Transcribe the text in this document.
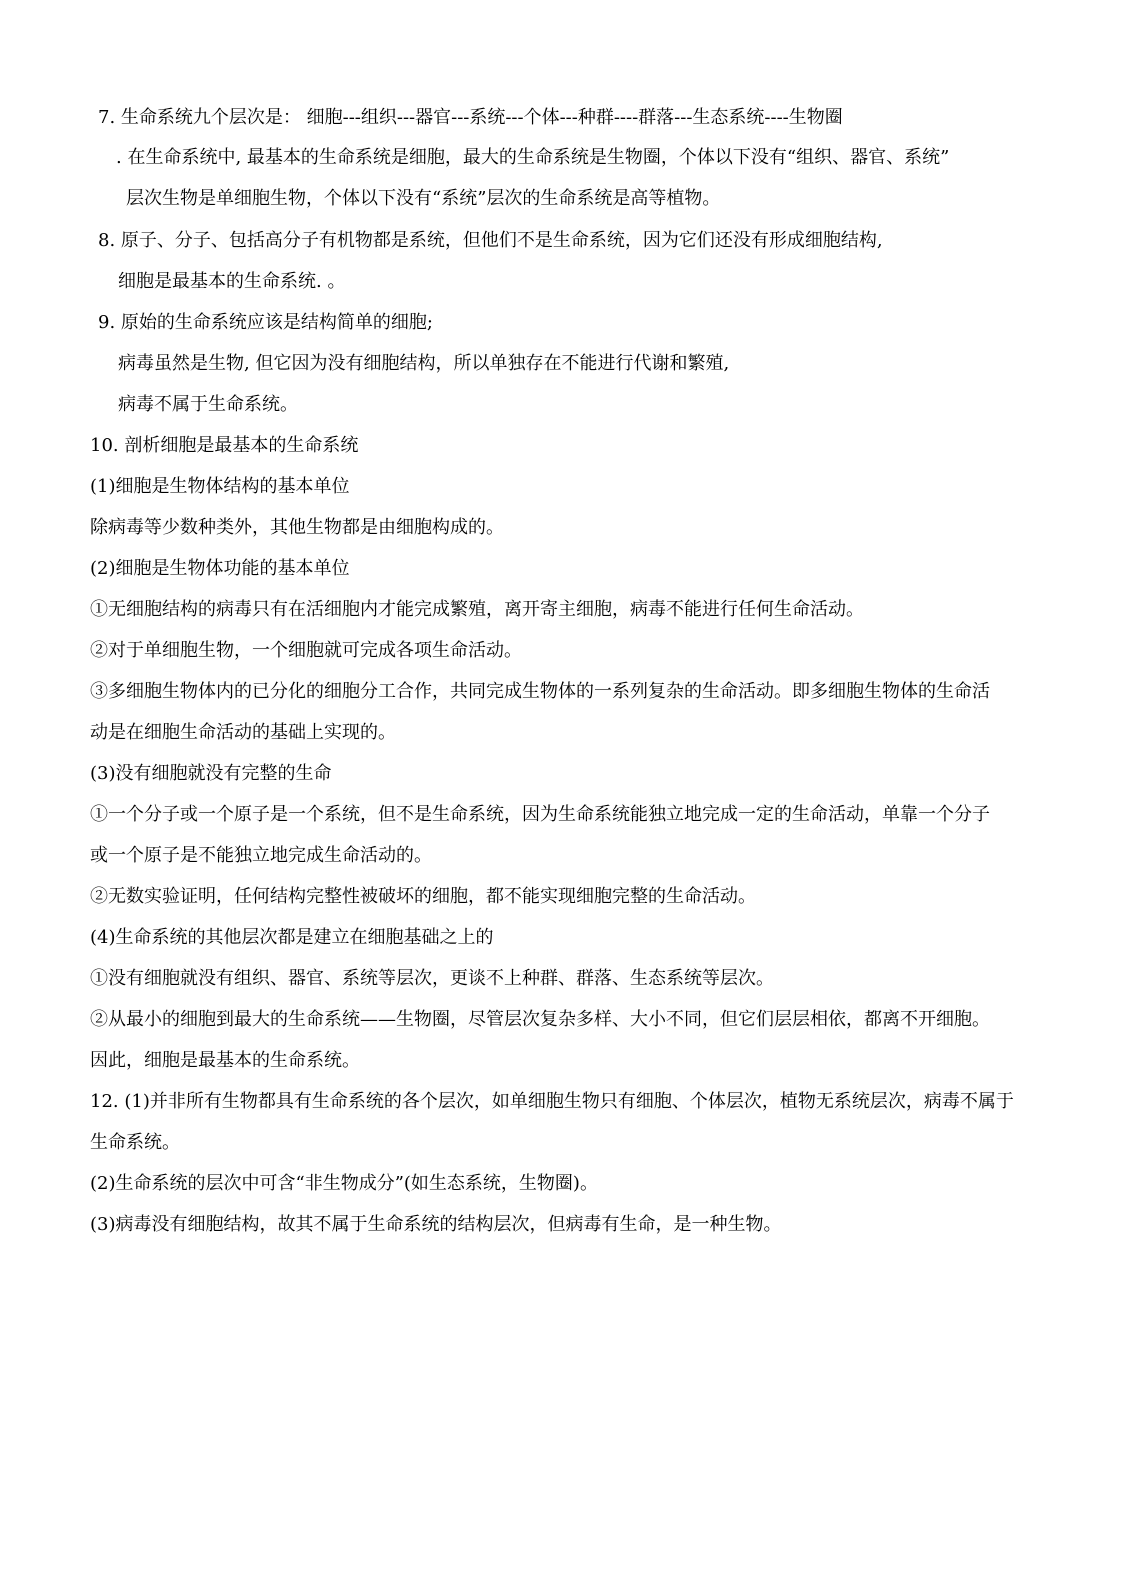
7. 生命系统九个层次是： 细胞---组织---器官---系统---个体---种群----群落---生态系统----生物圈
. 在生命系统中, 最基本的生命系统是细胞，最大的生命系统是生物圈，个体以下没有“组织、器官、系统”
层次生物是单细胞生物，个体以下没有“系统”层次的生命系统是高等植物。
8. 原子、分子、包括高分子有机物都是系统，但他们不是生命系统，因为它们还没有形成细胞结构,
细胞是最基本的生命系统. 。
9. 原始的生命系统应该是结构简单的细胞;
病毒虽然是生物, 但它因为没有细胞结构，所以单独存在不能进行代谢和繁殖,
病毒不属于生命系统。
10. 剖析细胞是最基本的生命系统
(1)细胞是生物体结构的基本单位
除病毒等少数种类外，其他生物都是由细胞构成的。
(2)细胞是生物体功能的基本单位
①无细胞结构的病毒只有在活细胞内才能完成繁殖，离开寄主细胞，病毒不能进行任何生命活动。
②对于单细胞生物，一个细胞就可完成各项生命活动。
③多细胞生物体内的已分化的细胞分工合作，共同完成生物体的一系列复杂的生命活动。即多细胞生物体的生命活
动是在细胞生命活动的基础上实现的。
(3)没有细胞就没有完整的生命
①一个分子或一个原子是一个系统，但不是生命系统，因为生命系统能独立地完成一定的生命活动，单靠一个分子
或一个原子是不能独立地完成生命活动的。
②无数实验证明，任何结构完整性被破坏的细胞，都不能实现细胞完整的生命活动。
(4)生命系统的其他层次都是建立在细胞基础之上的
①没有细胞就没有组织、器官、系统等层次，更谈不上种群、群落、生态系统等层次。
②从最小的细胞到最大的生命系统——生物圈，尽管层次复杂多样、大小不同，但它们层层相依，都离不开细胞。
因此，细胞是最基本的生命系统。
12. (1)并非所有生物都具有生命系统的各个层次，如单细胞生物只有细胞、个体层次，植物无系统层次，病毒不属于
生命系统。
(2)生命系统的层次中可含“非生物成分”(如生态系统，生物圈)。
(3)病毒没有细胞结构，故其不属于生命系统的结构层次，但病毒有生命，是一种生物。
